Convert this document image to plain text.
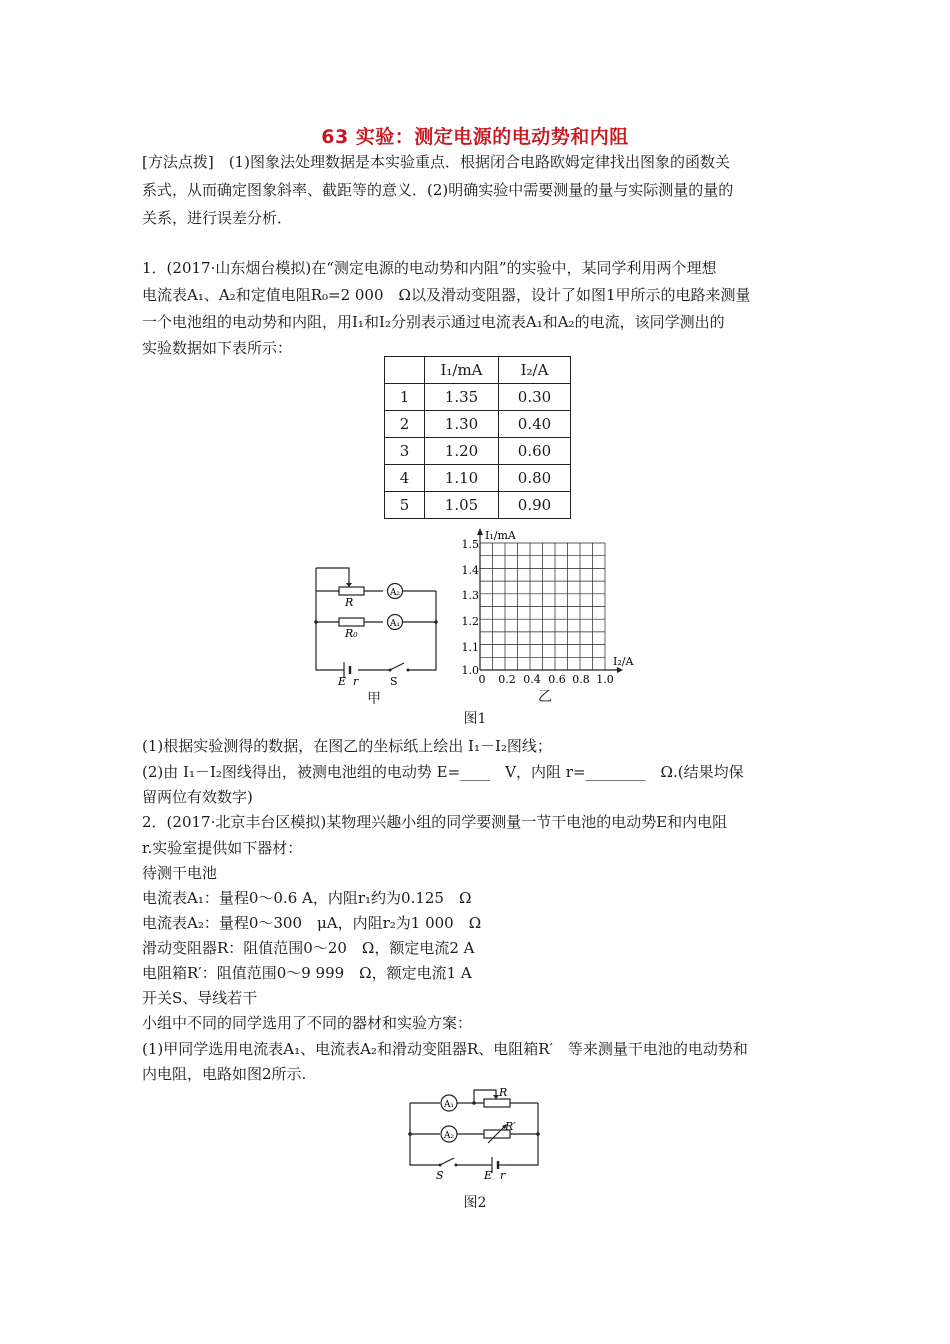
63 实验：测定电源的电动势和内阻
[方法点拨]　(1)图象法处理数据是本实验重点．根据闭合电路欧姆定律找出图象的函数关
系式，从而确定图象斜率、截距等的意义．(2)明确实验中需要测量的量与实际测量的量的
关系，进行误差分析．
1．(2017·山东烟台模拟)在“测定电源的电动势和内阻”的实验中，某同学利用两个理想
电流表A₁、A₂和定值电阻R₀=2 000　Ω以及滑动变阻器，设计了如图1甲所示的电路来测量
一个电池组的电动势和内阻，用I₁和I₂分别表示通过电流表A₁和A₂的电流，该同学测出的
实验数据如下表所示：
	I₁/mA	I₂/A
1	1.35	0.30
2	1.30	0.40
3	1.20	0.60
4	1.10	0.80
5	1.05	0.90
R
R₀
A₂
A₁
E r	S
甲
I₁/mA
I₂/A
1.5
1.4
1.3
1.2
1.1
1.0
0 0.2 0.4 0.6 0.8 1.0
乙
图1
(1)根据实验测得的数据，在图乙的坐标纸上绘出 I₁－I₂图线；
(2)由 I₁－I₂图线得出，被测电池组的电动势 E=____　V，内阻 r=________　Ω.(结果均保
留两位有效数字)
2．(2017·北京丰台区模拟)某物理兴趣小组的同学要测量一节干电池的电动势E和内电阻
r.实验室提供如下器材：
待测干电池
电流表A₁：量程0～0.6 A，内阻r₁约为0.125　Ω
电流表A₂：量程0～300　μA，内阻r₂为1 000　Ω
滑动变阻器R：阻值范围0～20　Ω，额定电流2 A
电阻箱R′：阻值范围0～9 999　Ω，额定电流1 A
开关S、导线若干
小组中不同的同学选用了不同的器材和实验方案：
(1)甲同学选用电流表A₁、电流表A₂和滑动变阻器R、电阻箱R′　等来测量干电池的电动势和
内电阻，电路如图2所示.
A₁
A₂
R
R′
S	E r
图2
